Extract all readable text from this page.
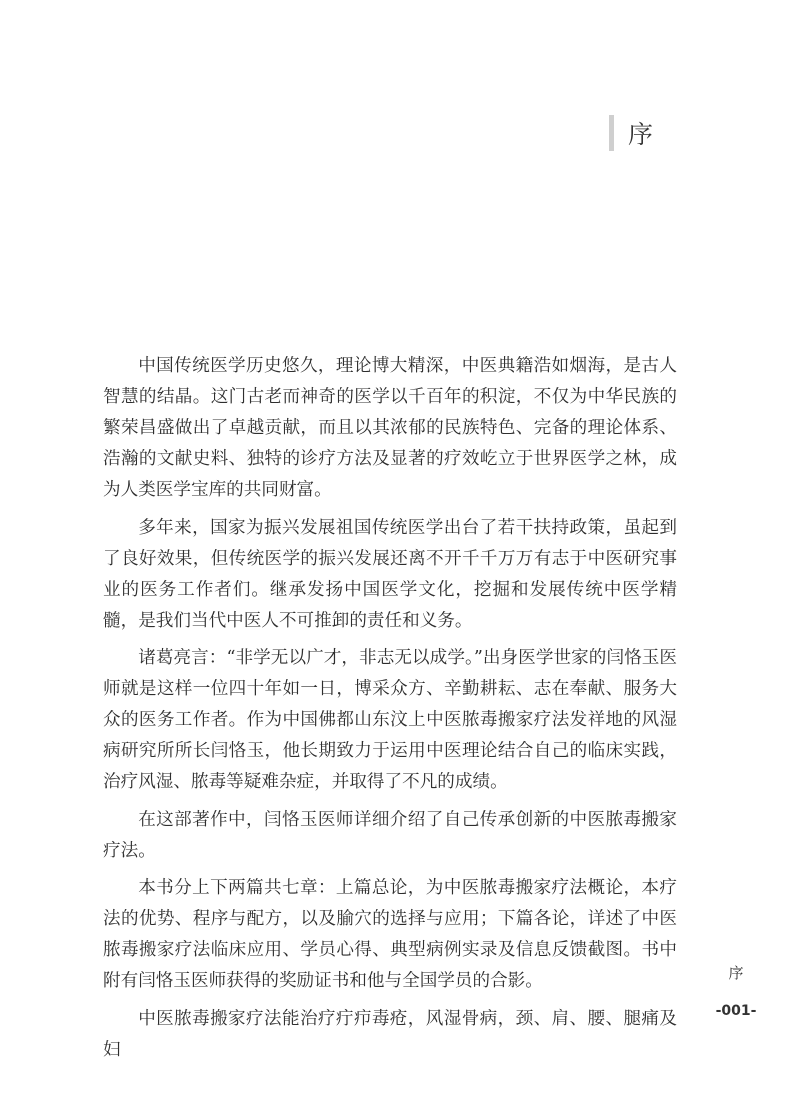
序

中国传统医学历史悠久，理论博大精深，中医典籍浩如烟海，是古人智慧的结晶。这门古老而神奇的医学以千百年的积淀，不仅为中华民族的繁荣昌盛做出了卓越贡献，而且以其浓郁的民族特色、完备的理论体系、浩瀚的文献史料、独特的诊疗方法及显著的疗效屹立于世界医学之林，成为人类医学宝库的共同财富。

多年来，国家为振兴发展祖国传统医学出台了若干扶持政策，虽起到了良好效果，但传统医学的振兴发展还离不开千千万万有志于中医研究事业的医务工作者们。继承发扬中国医学文化，挖掘和发展传统中医学精髓，是我们当代中医人不可推卸的责任和义务。

诸葛亮言：“非学无以广才，非志无以成学。”出身医学世家的闫恪玉医师就是这样一位四十年如一日，博采众方、辛勤耕耘、志在奉献、服务大众的医务工作者。作为中国佛都山东汶上中医脓毒搬家疗法发祥地的风湿病研究所所长闫恪玉，他长期致力于运用中医理论结合自己的临床实践，治疗风湿、脓毒等疑难杂症，并取得了不凡的成绩。

在这部著作中，闫恪玉医师详细介绍了自己传承创新的中医脓毒搬家疗法。

本书分上下两篇共七章：上篇总论，为中医脓毒搬家疗法概论，本疗法的优势、程序与配方，以及腧穴的选择与应用；下篇各论，详述了中医脓毒搬家疗法临床应用、学员心得、典型病例实录及信息反馈截图。书中附有闫恪玉医师获得的奖励证书和他与全国学员的合影。

中医脓毒搬家疗法能治疗疔疖毒疮，风湿骨病，颈、肩、腰、腿痛及妇

序
-001-
